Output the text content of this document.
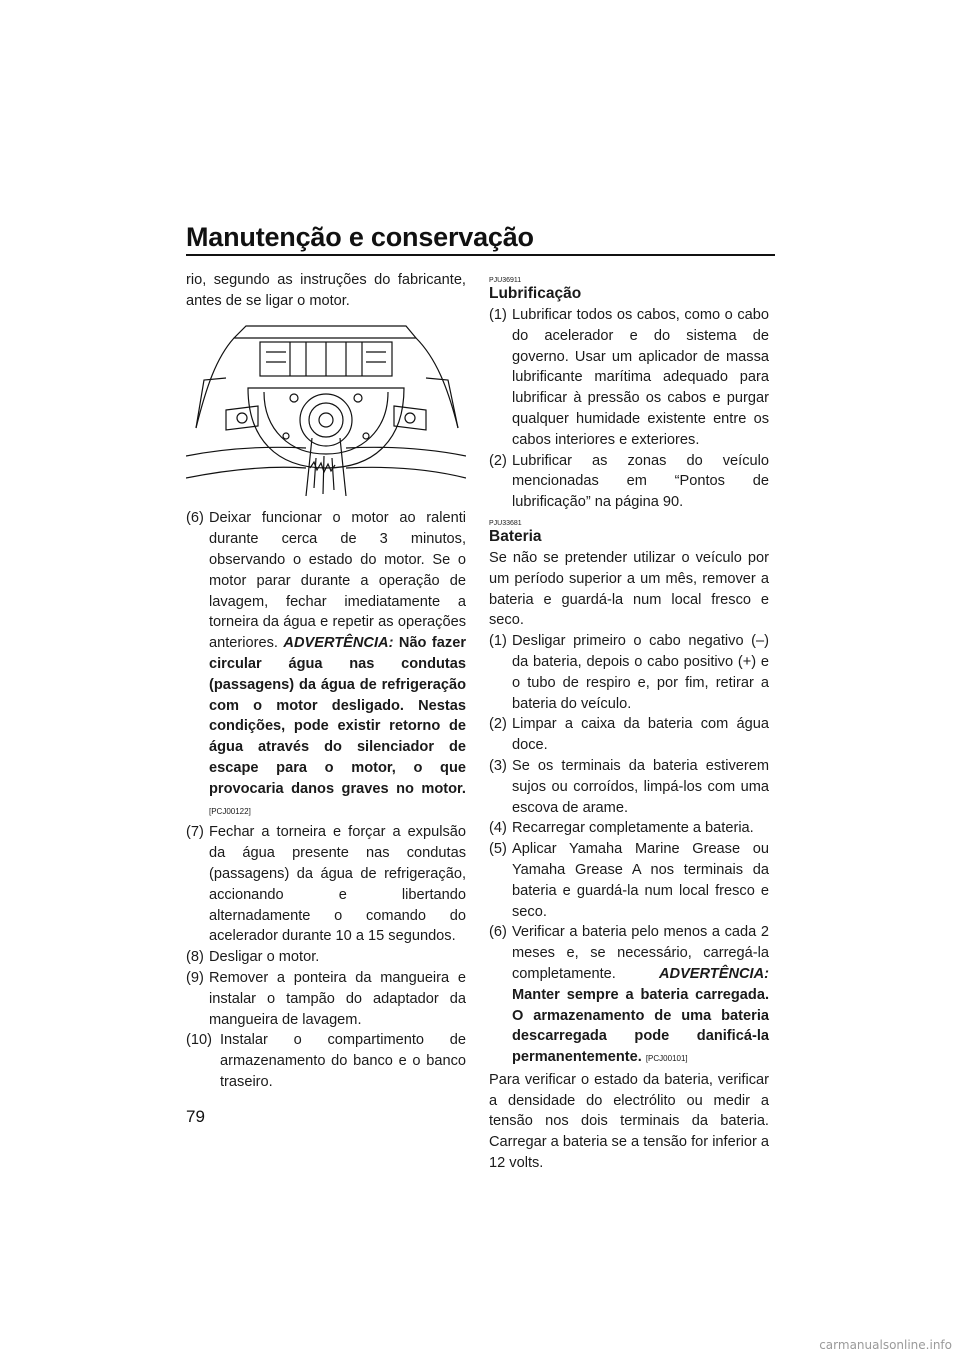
Manutenção e conservação

rio, segundo as instruções do fabricante, antes de se ligar o motor.

(6) Deixar funcionar o motor ao ralenti durante cerca de 3 minutos, observando o estado do motor. Se o motor parar durante a operação de lavagem, fechar imediatamente a torneira da água e repetir as operações anteriores. ADVERTÊNCIA: Não fazer circular água nas condutas (passagens) da água de refrigeração com o motor desligado. Nestas condições, pode existir retorno de água através do silenciador de escape para o motor, o que provocaria danos graves no motor. [PCJ00122]
(7) Fechar a torneira e forçar a expulsão da água presente nas condutas (passagens) da água de refrigeração, accionando e libertando alternadamente o comando do acelerador durante 10 a 15 segundos.
(8) Desligar o motor.
(9) Remover a ponteira da mangueira e instalar o tampão do adaptador da mangueira de lavagem.
(10) Instalar o compartimento de armazenamento do banco e o banco traseiro.
PJU36911
Lubrificação
(1) Lubrificar todos os cabos, como o cabo do acelerador e do sistema de governo. Usar um aplicador de massa lubrificante marítima adequado para lubrificar à pressão os cabos e purgar qualquer humidade existente entre os cabos interiores e exteriores.
(2) Lubrificar as zonas do veículo mencionadas em “Pontos de lubrificação” na página 90.
PJU33681
Bateria

Se não se pretender utilizar o veículo por um período superior a um mês, remover a bateria e guardá-la num local fresco e seco.

(1) Desligar primeiro o cabo negativo (–) da bateria, depois o cabo positivo (+) e o tubo de respiro e, por fim, retirar a bateria do veículo.
(2) Limpar a caixa da bateria com água doce.
(3) Se os terminais da bateria estiverem sujos ou corroídos, limpá-los com uma escova de arame.
(4) Recarregar completamente a bateria.
(5) Aplicar Yamaha Marine Grease ou Yamaha Grease A nos terminais da bateria e guardá-la num local fresco e seco.
(6) Verificar a bateria pelo menos a cada 2 meses e, se necessário, carregá-la completamente.	ADVERTÊNCIA: Manter sempre a bateria carregada. O armazenamento de uma bateria descarregada pode danificá-la permanentemente. [PCJ00101]

Para verificar o estado da bateria, verificar a densidade do electrólito ou medir a tensão nos dois terminais da bateria. Carregar a bateria se a tensão for inferior a 12 volts.

79
carmanualsonline.info
